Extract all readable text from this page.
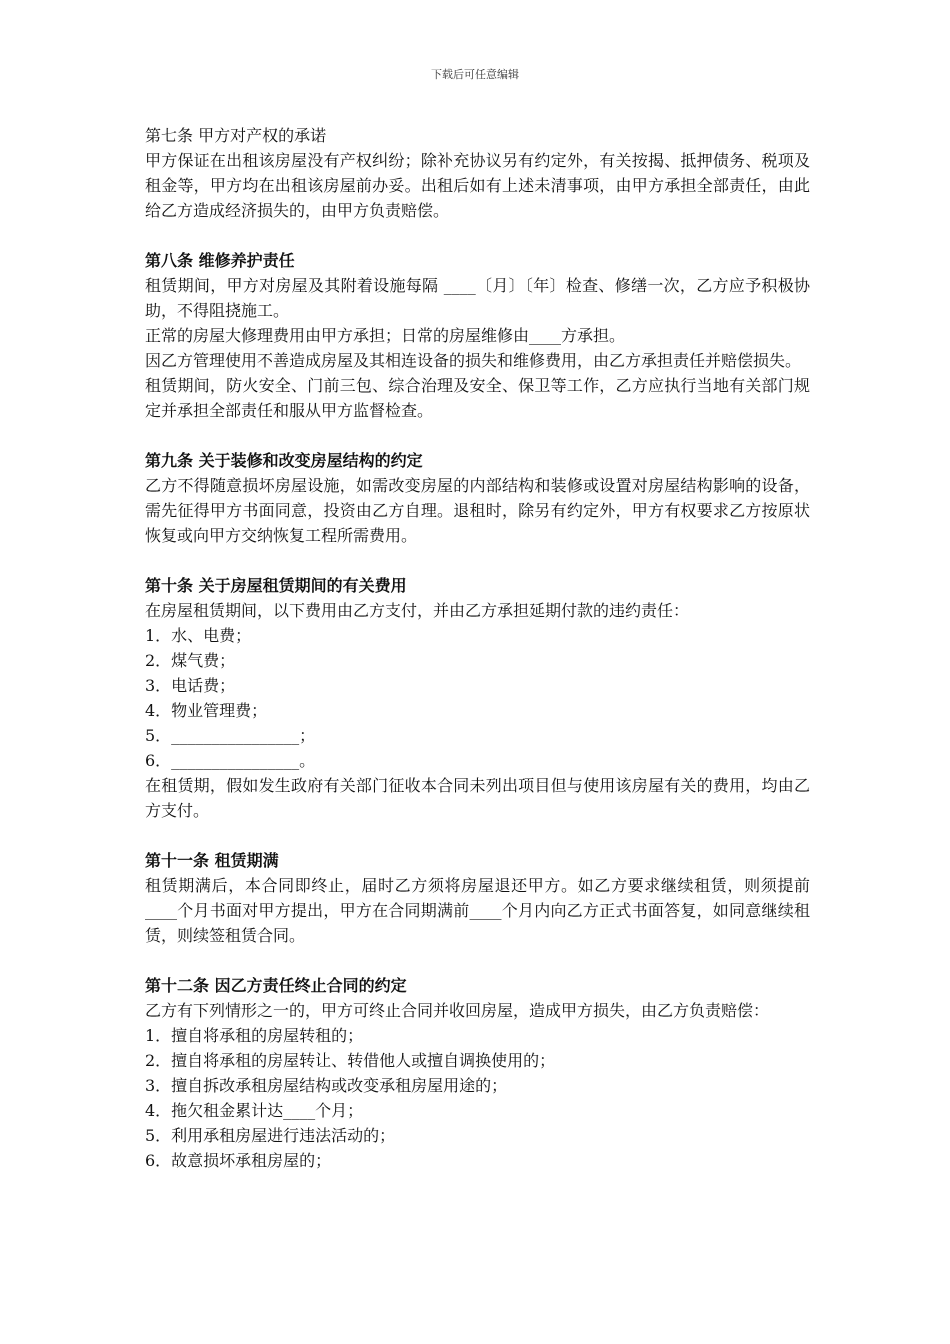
下载后可任意编辑

第七条 甲方对产权的承诺

甲方保证在出租该房屋没有产权纠纷；除补充协议另有约定外，有关按揭、抵押债务、税项及租金等，甲方均在出租该房屋前办妥。出租后如有上述未清事项，由甲方承担全部责任，由此给乙方造成经济损失的，由甲方负责赔偿。

第八条 维修养护责任

租赁期间，甲方对房屋及其附着设施每隔 ____〔月〕〔年〕检查、修缮一次，乙方应予积极协助，不得阻挠施工。

正常的房屋大修理费用由甲方承担；日常的房屋维修由____方承担。

因乙方管理使用不善造成房屋及其相连设备的损失和维修费用，由乙方承担责任并赔偿损失。

租赁期间，防火安全、门前三包、综合治理及安全、保卫等工作，乙方应执行当地有关部门规定并承担全部责任和服从甲方监督检查。

第九条 关于装修和改变房屋结构的约定

乙方不得随意损坏房屋设施，如需改变房屋的内部结构和装修或设置对房屋结构影响的设备，需先征得甲方书面同意，投资由乙方自理。退租时，除另有约定外，甲方有权要求乙方按原状恢复或向甲方交纳恢复工程所需费用。

第十条 关于房屋租赁期间的有关费用

在房屋租赁期间，以下费用由乙方支付，并由乙方承担延期付款的违约责任：

1．水、电费；

2．煤气费；

3．电话费；

4．物业管理费；

5．________________；

6．________________。

在租赁期，假如发生政府有关部门征收本合同未列出项目但与使用该房屋有关的费用，均由乙方支付。

第十一条 租赁期满

租赁期满后，本合同即终止，届时乙方须将房屋退还甲方。如乙方要求继续租赁，则须提前____个月书面对甲方提出，甲方在合同期满前____个月内向乙方正式书面答复，如同意继续租赁，则续签租赁合同。

第十二条 因乙方责任终止合同的约定

乙方有下列情形之一的，甲方可终止合同并收回房屋，造成甲方损失，由乙方负责赔偿：

1．擅自将承租的房屋转租的；

2．擅自将承租的房屋转让、转借他人或擅自调换使用的；

3．擅自拆改承租房屋结构或改变承租房屋用途的；

4．拖欠租金累计达____个月；

5．利用承租房屋进行违法活动的；

6．故意损坏承租房屋的；
